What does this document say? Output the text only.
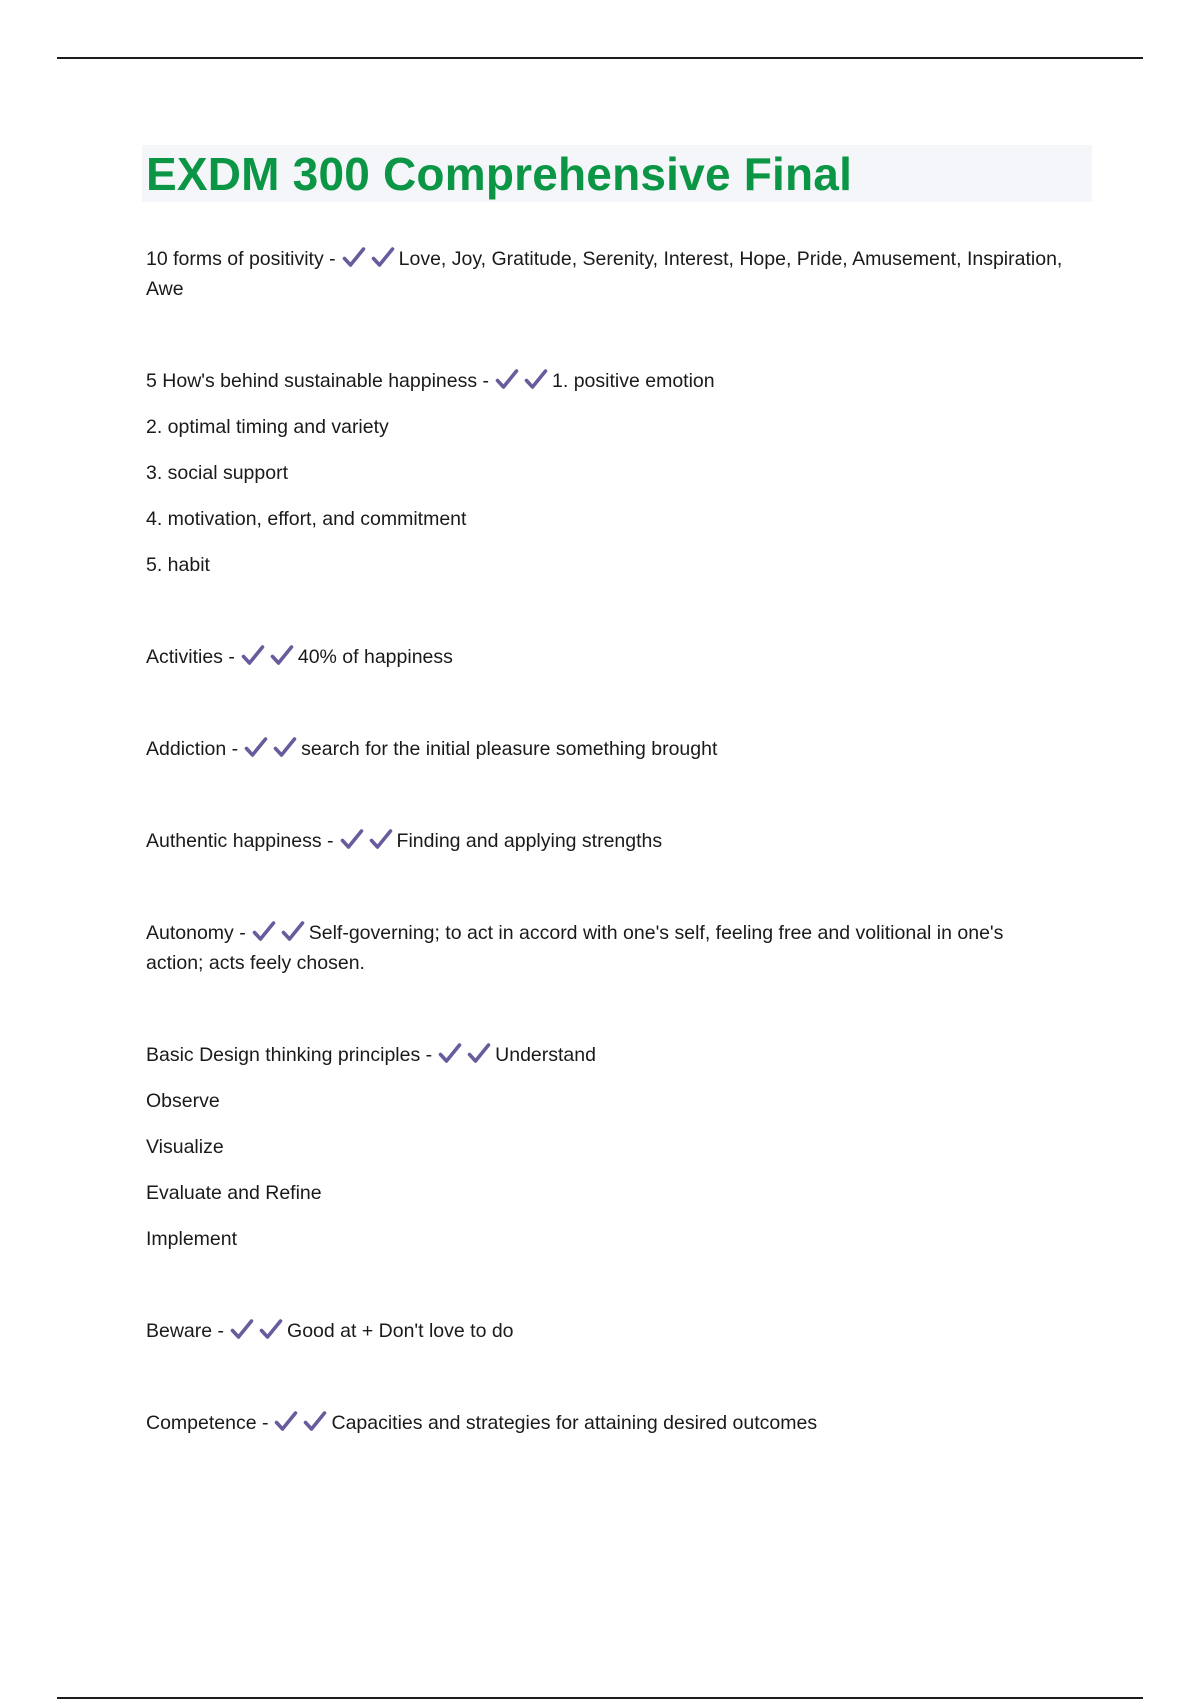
EXDM 300 Comprehensive Final

10 forms of positivity -	Love, Joy, Gratitude, Serenity, Interest, Hope, Pride, Amusement, Inspiration, Awe

5 How's behind sustainable happiness -	1. positive emotion

2. optimal timing and variety

3. social support

4. motivation, effort, and commitment

5. habit

Activities -	40% of happiness

Addiction -	search for the initial pleasure something brought

Authentic happiness -	Finding and applying strengths

Autonomy -	Self-governing; to act in accord with one's self, feeling free and volitional in one's action; acts feely chosen.

Basic Design thinking principles -	Understand

Observe

Visualize

Evaluate and Refine

Implement

Beware -	Good at + Don't love to do

Competence -	Capacities and strategies for attaining desired outcomes
